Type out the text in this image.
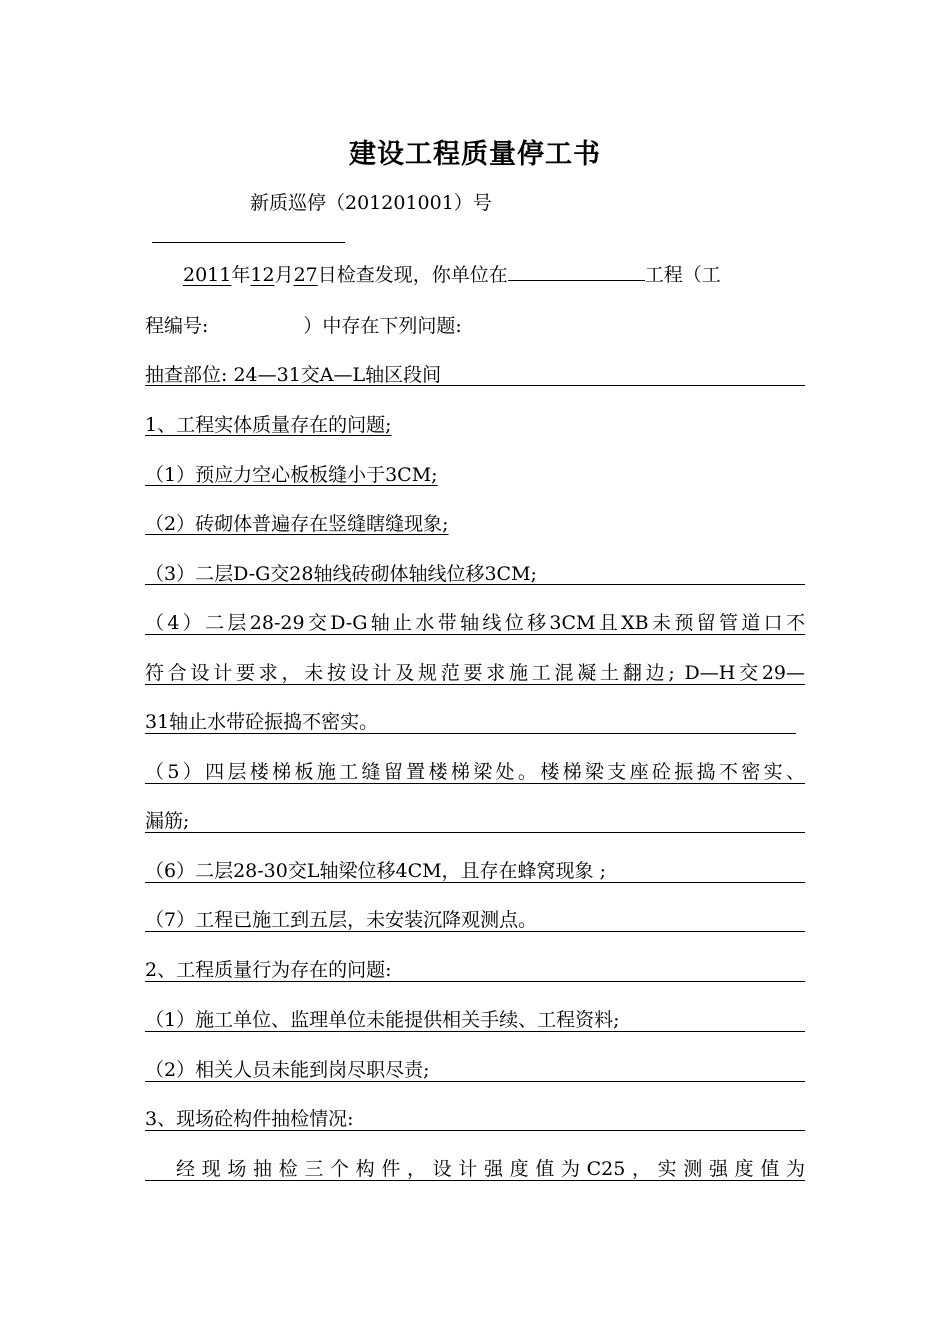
建设工程质量停工书
新质巡停（201201001）号
2011年12月27日检查发现，你单位在	工程（工
程编号:　　　　　）中存在下列问题:
抽查部位: 24—31交A—L轴区段间
1、工程实体质量存在的问题;
（1）预应力空心板板缝小于3CM;
（2）砖砌体普遍存在竖缝瞎缝现象;
（3）二层D-G交28轴线砖砌体轴线位移3CM;
（4）二层28-29交D-G轴止水带轴线位移3CM且XB未预留管道口不
符合设计要求，未按设计及规范要求施工混凝土翻边; D—H交29—
31轴止水带砼振捣不密实。
（5）四层楼梯板施工缝留置楼梯梁处。楼梯梁支座砼振捣不密实、
漏筋;
（6）二层28-30交L轴梁位移4CM，且存在蜂窝现象 ;
（7）工程已施工到五层，未安装沉降观测点。
2、工程质量行为存在的问题:
（1）施工单位、监理单位未能提供相关手续、工程资料;
（2）相关人员未能到岗尽职尽责;
3、现场砼构件抽检情况:
经现场抽检三个构件，设计强度值为C25，实测强度值为
